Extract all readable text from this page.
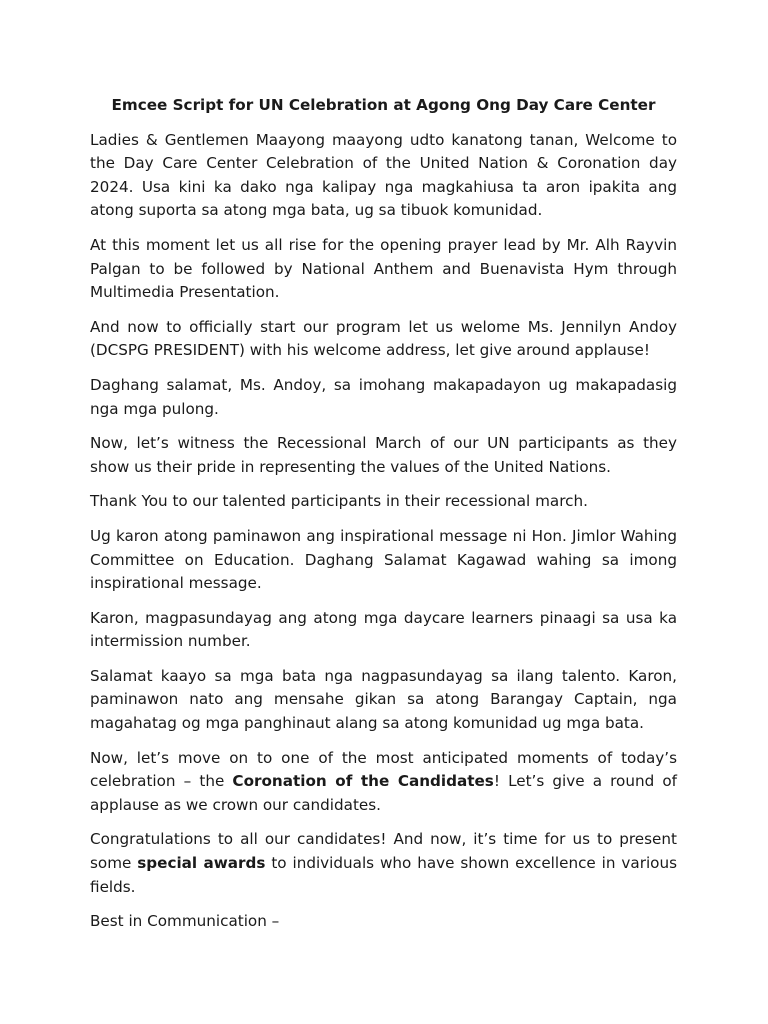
Emcee Script for UN Celebration at Agong Ong Day Care Center
Ladies & Gentlemen Maayong maayong udto kanatong tanan, Welcome to the Day Care Center Celebration of the United Nation & Coronation day 2024. Usa kini ka dako nga kalipay nga magkahiusa ta aron ipakita ang atong suporta sa atong mga bata, ug sa tibuok komunidad.
At this moment let us all rise for the opening prayer lead by Mr. Alh Rayvin Palgan to be followed by National Anthem and Buenavista Hym through Multimedia Presentation.
And now to officially start our program let us welome Ms. Jennilyn Andoy (DCSPG PRESIDENT) with his welcome address, let give around applause!
Daghang salamat, Ms. Andoy, sa imohang makapadayon ug makapadasig nga mga pulong.
Now, let’s witness the Recessional March of our UN participants as they show us their pride in representing the values of the United Nations.
Thank You to our talented participants in their recessional march.
Ug karon atong paminawon ang inspirational message ni Hon. Jimlor Wahing Committee on Education. Daghang Salamat Kagawad wahing sa imong inspirational message.
Karon, magpasundayag ang atong mga daycare learners pinaagi sa usa ka intermission number.
Salamat kaayo sa mga bata nga nagpasundayag sa ilang talento. Karon, paminawon nato ang mensahe gikan sa atong Barangay Captain, nga magahatag og mga panghinaut alang sa atong komunidad ug mga bata.
Now, let’s move on to one of the most anticipated moments of today’s celebration – the Coronation of the Candidates! Let’s give a round of applause as we crown our candidates.
Congratulations to all our candidates! And now, it’s time for us to present some special awards to individuals who have shown excellence in various fields.
Best in Communication –
